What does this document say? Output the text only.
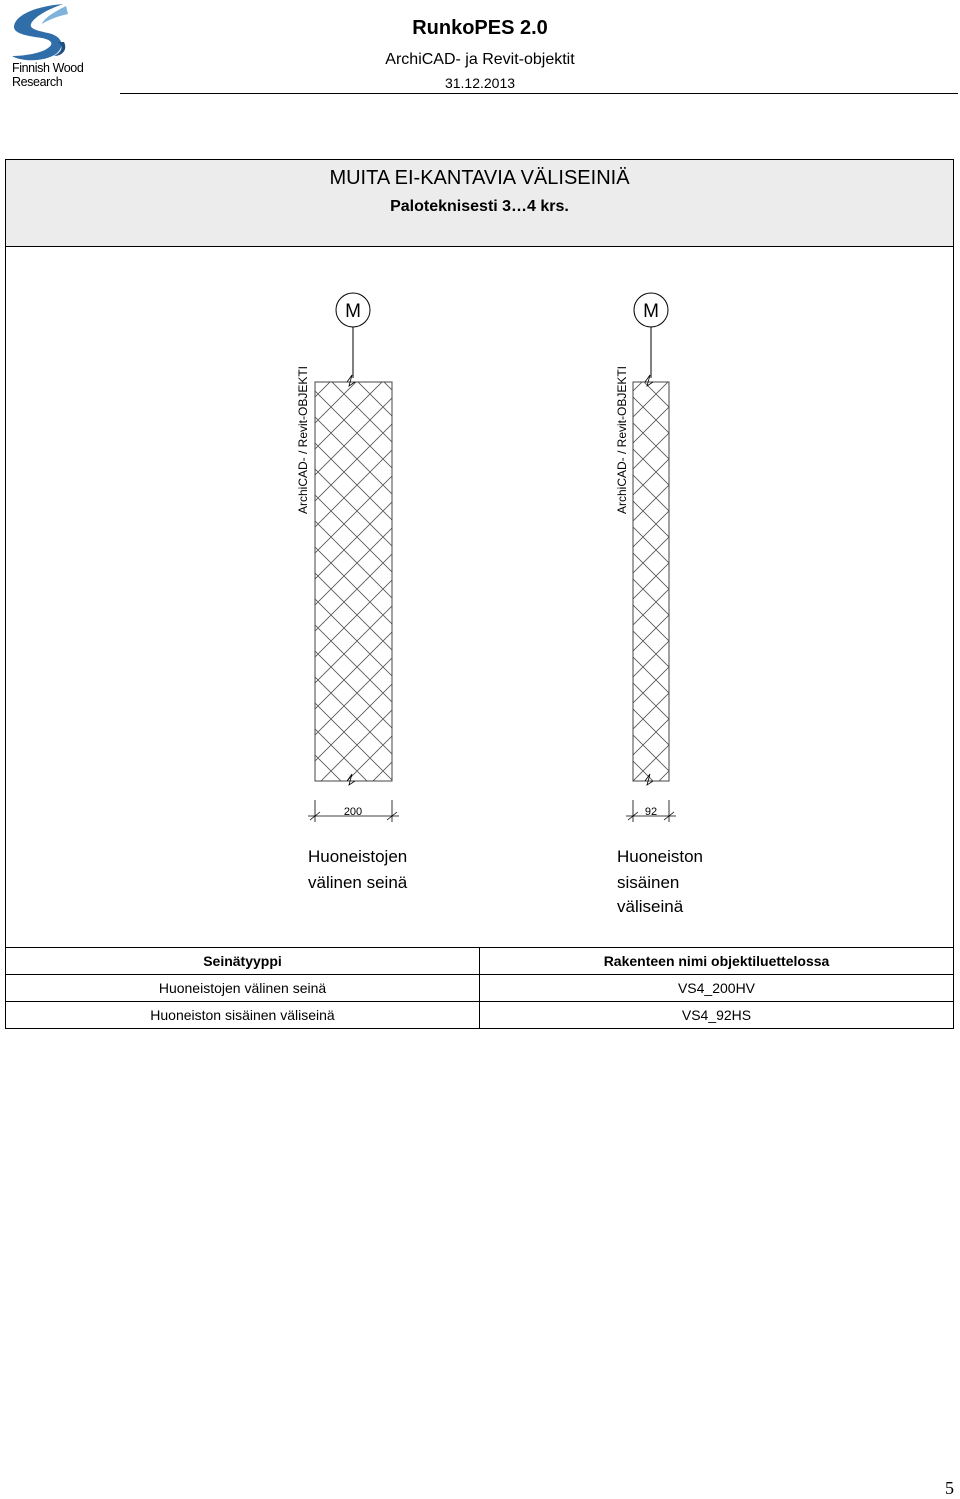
Finnish Wood
Research
RunkoPES 2.0
ArchiCAD- ja Revit-objektit
31.12.2013
MUITA EI-KANTAVIA VÄLISEINIÄ
Paloteknisesti 3…4 krs.
M
ArchiCAD- / Revit-OBJEKTI
200
Huoneistojen
välinen seinä
M
ArchiCAD- / Revit-OBJEKTI
92
Huoneiston
sisäinen
väliseinä
Seinätyyppi	Rakenteen nimi objektiluettelossa
Huoneistojen välinen seinä	VS4_200HV
Huoneiston sisäinen väliseinä	VS4_92HS
5
